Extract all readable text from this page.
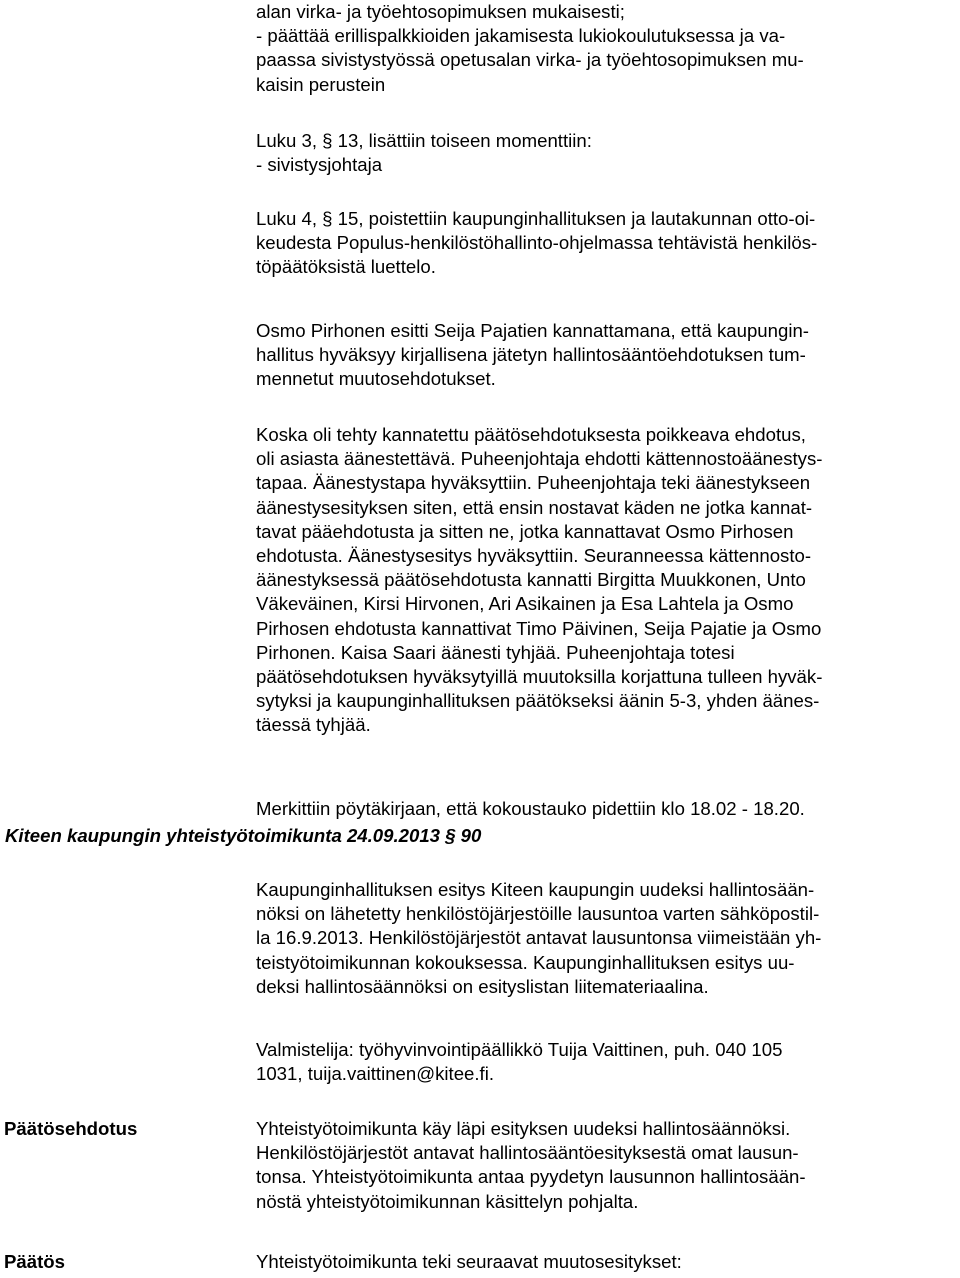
alan virka- ja työehtosopimuksen mukaisesti;
- päättää erillispalkkioiden jakamisesta lukiokoulutuksessa ja va-
paassa sivistystyössä opetusalan virka- ja työehtosopimuksen mu-
kaisin perustein
Luku 3, § 13, lisättiin toiseen momenttiin:
- sivistysjohtaja
Luku 4, § 15, poistettiin kaupunginhallituksen ja lautakunnan otto-oi-
keudesta Populus-henkilöstöhallinto-ohjelmassa tehtävistä henkilös-
töpäätöksistä luettelo.
Osmo Pirhonen esitti Seija Pajatien kannattamana, että kaupungin-
hallitus hyväksyy kirjallisena jätetyn hallintosääntöehdotuksen tum-
mennetut muutosehdotukset.
Koska oli tehty kannatettu päätösehdotuksesta poikkeava ehdotus,
oli asiasta äänestettävä. Puheenjohtaja ehdotti kättennostoäänestys-
tapaa. Äänestystapa hyväksyttiin. Puheenjohtaja teki äänestykseen
äänestysesityksen siten, että ensin nostavat käden ne jotka kannat-
tavat pääehdotusta ja sitten ne, jotka kannattavat Osmo Pirhosen
ehdotusta. Äänestysesitys hyväksyttiin. Seuranneessa kättennosto-
äänestyksessä päätösehdotusta kannatti Birgitta Muukkonen, Unto
Väkeväinen, Kirsi Hirvonen, Ari Asikainen ja Esa Lahtela ja Osmo
Pirhosen ehdotusta kannattivat Timo Päivinen, Seija Pajatie ja Osmo
Pirhonen. Kaisa Saari äänesti tyhjää. Puheenjohtaja totesi
päätösehdotuksen hyväksytyillä muutoksilla korjattuna tulleen hyväk-
sytyksi ja kaupunginhallituksen päätökseksi äänin 5-3, yhden äänes-
täessä tyhjää.
Merkittiin pöytäkirjaan, että kokoustauko pidettiin klo 18.02 - 18.20.
Kiteen kaupungin yhteistyötoimikunta 24.09.2013 § 90
Kaupunginhallituksen esitys Kiteen kaupungin uudeksi hallintosään-
nöksi on lähetetty henkilöstöjärjestöille lausuntoa varten sähköpostil-
la 16.9.2013. Henkilöstöjärjestöt antavat lausuntonsa viimeistään yh-
teistyötoimikunnan kokouksessa. Kaupunginhallituksen esitys uu-
deksi hallintosäännöksi on esityslistan liitemateriaalina.
Valmistelija: työhyvinvointipäällikkö Tuija Vaittinen, puh. 040 105
1031, tuija.vaittinen@kitee.fi.
Päätösehdotus	Yhteistyötoimikunta käy läpi esityksen uudeksi hallintosäännöksi.
Henkilöstöjärjestöt antavat hallintosääntöesityksestä omat lausun-
tonsa. Yhteistyötoimikunta antaa pyydetyn lausunnon hallintosään-
nöstä yhteistyötoimikunnan käsittelyn pohjalta.
Päätös	Yhteistyötoimikunta teki seuraavat muutosesitykset:
